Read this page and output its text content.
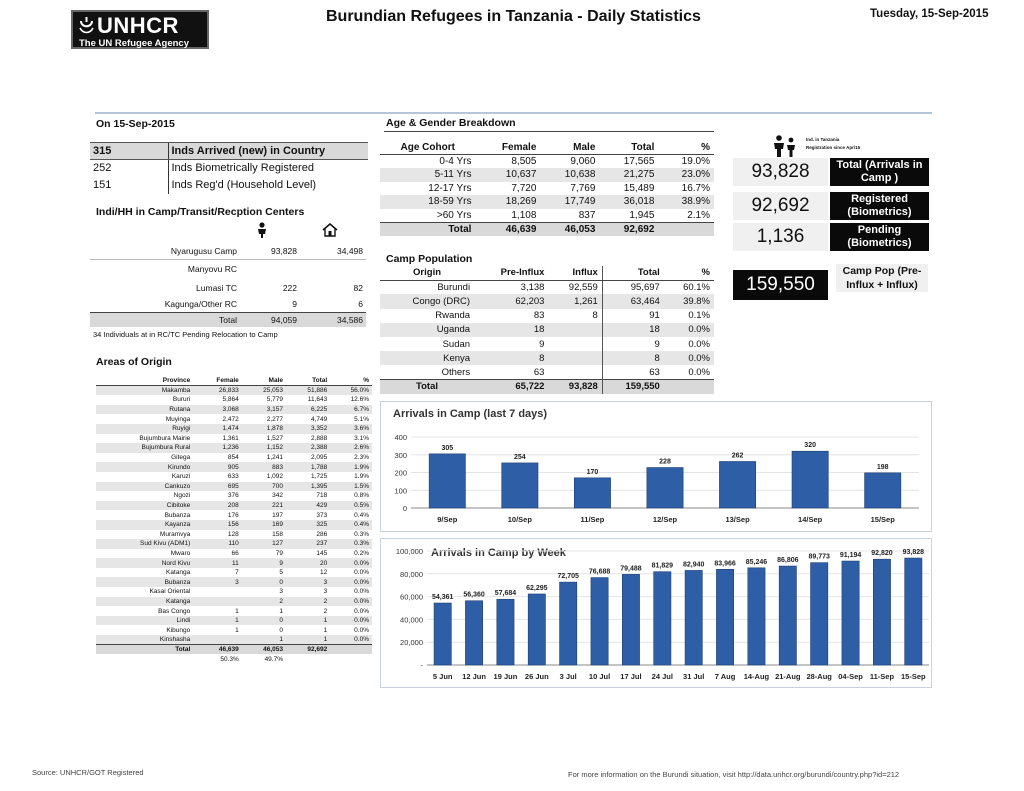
UNHCR
The UN Refugee Agency
Burundian Refugees in Tanzania - Daily Statistics	Tuesday, 15-Sep-2015
On 15-Sep-2015
315	Inds Arrived (new) in Country
252	Inds Biometrically Registered
151	Inds Reg'd (Household Level)
Indi/HH in Camp/Transit/Recption Centers
Nyarugusu Camp	93,828	34,498
Manyovu RC		
Lumasi TC	222	82
Kagunga/Other RC	9	6
Total	94,059	34,586
34 Individuals at in RC/TC Pending Relocation to Camp		
Areas of Origin
Province	Female	Male	Total	%
Makamba	26,833	25,053	51,886	56.0%
Bururi	5,864	5,779	11,643	12.6%
Rutana	3,068	3,157	6,225	6.7%
Muyinga	2,472	2,277	4,749	5.1%
Ruyigi	1,474	1,878	3,352	3.6%
Bujumbura Mairie	1,361	1,527	2,888	3.1%
Bujumbura Rural	1,236	1,152	2,388	2.6%
Gitega	854	1,241	2,095	2.3%
Kirundo	905	883	1,788	1.9%
Karuzi	633	1,092	1,725	1.9%
Cankuzo	695	700	1,395	1.5%
Ngozi	376	342	718	0.8%
Cibitoke	208	221	429	0.5%
Bubanza	176	197	373	0.4%
Kayanza	156	169	325	0.4%
Muramvya	128	158	286	0.3%
Sud Kivu (ADM1)	110	127	237	0.3%
Mwaro	66	79	145	0.2%
Nord Kivu	11	9	20	0.0%
Katanga	7	5	12	0.0%
Bubanza	3	0	3	0.0%
Kasai Oriental		3	3	0.0%
Katanga		2	2	0.0%
Bas Congo	1	1	2	0.0%
Lindi	1	0	1	0.0%
Kibungo	1	0	1	0.0%
Kinshasha		1	1	0.0%
Total	46,639	46,053	92,692	
	50.3%	49.7%		
Age & Gender Breakdown
Age Cohort	Female	Male	Total	%
0-4 Yrs	8,505	9,060	17,565	19.0%
5-11 Yrs	10,637	10,638	21,275	23.0%
12-17 Yrs	7,720	7,769	15,489	16.7%
18-59 Yrs	18,269	17,749	36,018	38.9%
>60 Yrs	1,108	837	1,945	2.1%
Total	46,639	46,053	92,692	
Camp Population
Origin	Pre-Influx	Influx	Total	%
Burundi	3,138	92,559	95,697	60.1%
Congo (DRC)	62,203	1,261	63,464	39.8%
Rwanda	83	8	91	0.1%
Uganda	18		18	0.0%
Sudan	9		9	0.0%
Kenya	8		8	0.0%
Others	63		63	0.0%
Total	65,722	93,828	159,550	
Ind. in Tanzania
Registration since Apr/15
93,828	Total (Arrivals in Camp )
92,692	Registered (Biometrics)
1,136	Pending (Biometrics)
159,550
Camp Pop (Pre-Influx + Influx)
Arrivals in Camp (last 7 days)
400
300
200
100
0
305
9/Sep
254
10/Sep
170
11/Sep
228
12/Sep
262
13/Sep
320
14/Sep
198
15/Sep
Arrivals in Camp by Week
100,000
80,000
60,000
40,000
20,000
-
54,361
5 Jun
56,360
12 Jun
57,684
19 Jun
62,295
26 Jun
72,705
3 Jul
76,688
10 Jul
79,488
17 Jul
81,829
24 Jul
82,940
31 Jul
83,966
7 Aug
85,246
14-Aug
86,806
21-Aug
89,773
28-Aug
91,194
04-Sep
92,820
11-Sep
93,828
15-Sep
Source: UNHCR/GOT Registered	For more information on the Burundi situation, visit http://data.unhcr.org/burundi/country.php?id=212
